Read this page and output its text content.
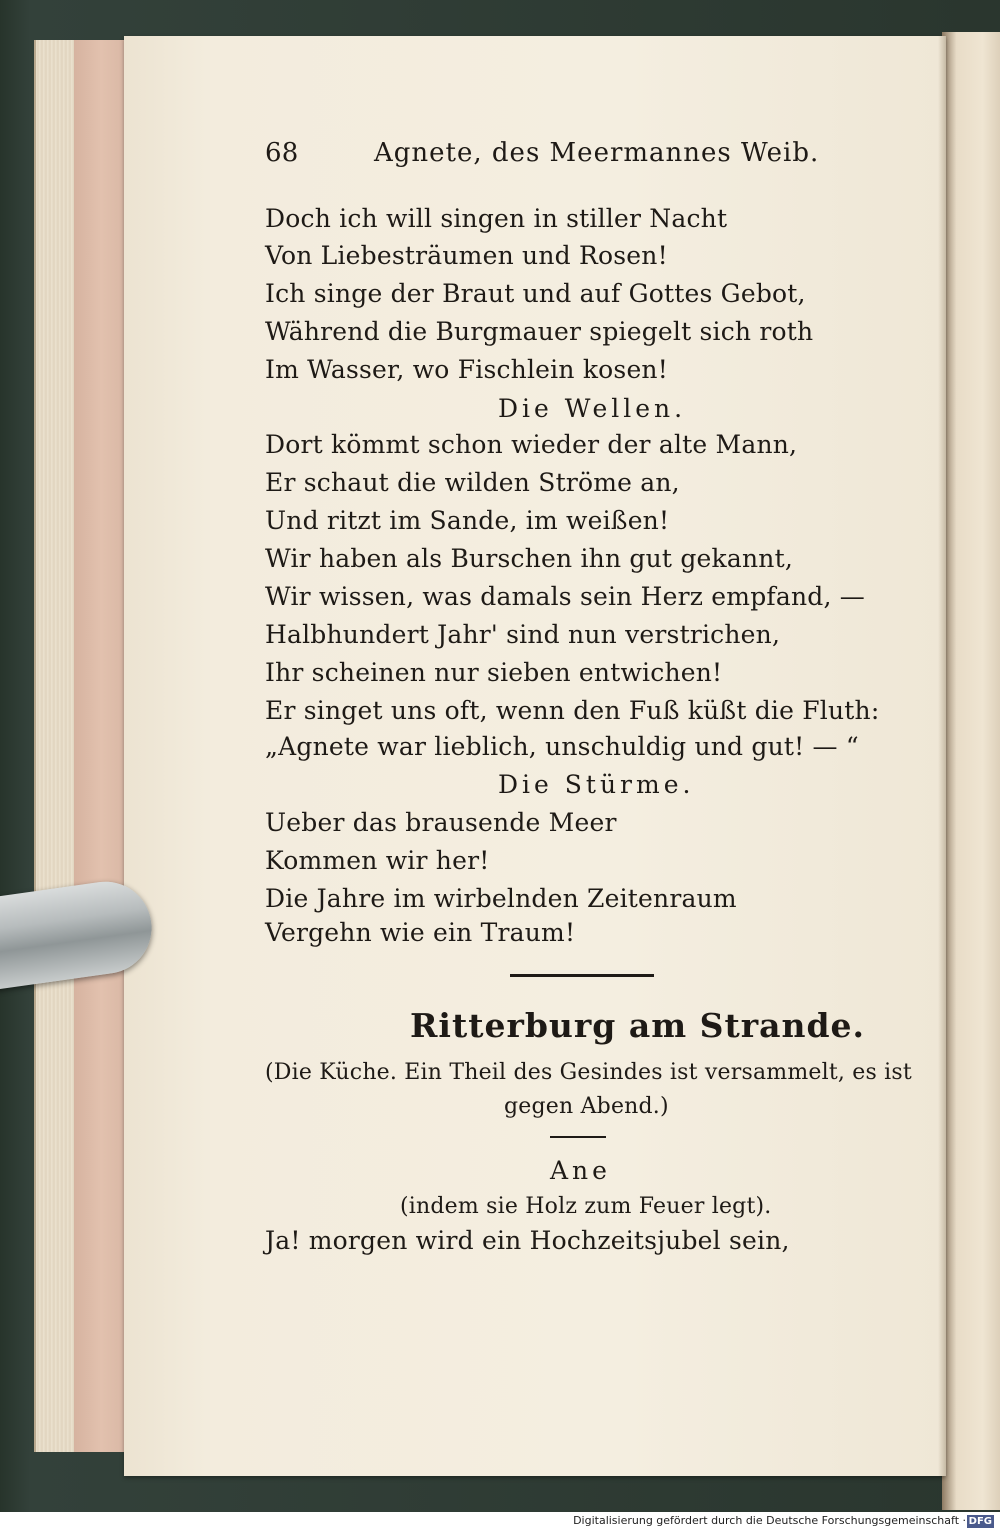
68	Agnete, des Meermannes Weib.
Doch ich will singen in stiller Nacht
Von Liebesträumen und Rosen!
Ich singe der Braut und auf Gottes Gebot,
Während die Burgmauer spiegelt sich roth
Im Wasser, wo Fischlein kosen!
Die Wellen.
Dort kömmt schon wieder der alte Mann,
Er schaut die wilden Ströme an,
Und ritzt im Sande, im weißen!
Wir haben als Burschen ihn gut gekannt,
Wir wissen, was damals sein Herz empfand, —
Halbhundert Jahr' sind nun verstrichen,
Ihr scheinen nur sieben entwichen!
Er singet uns oft, wenn den Fuß küßt die Fluth:
„Agnete war lieblich, unschuldig und gut! — “
Die Stürme.
Ueber das brausende Meer
Kommen wir her!
Die Jahre im wirbelnden Zeitenraum
Vergehn wie ein Traum!
Ritterburg am Strande.
(Die Küche. Ein Theil des Gesindes ist versammelt, es ist
gegen Abend.)
Ane
(indem sie Holz zum Feuer legt).
Ja! morgen wird ein Hochzeitsjubel sein,
Digitalisierung gefördert durch die Deutsche Forschungsgemeinschaft · DFG
